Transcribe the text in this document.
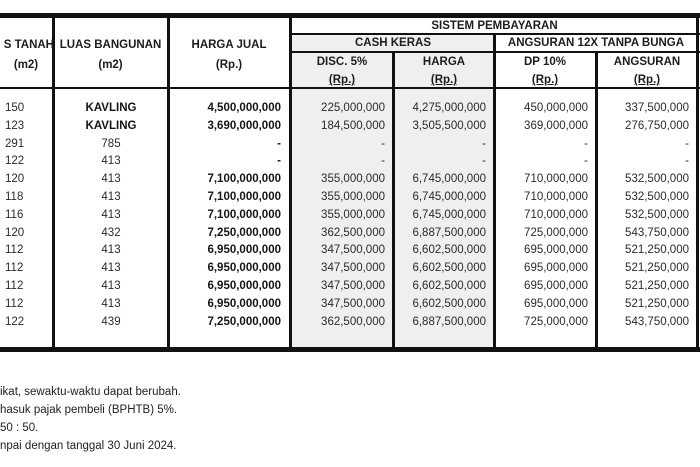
S TANAH
(m2)
LUAS BANGUNAN
(m2)
HARGA JUAL
(Rp.)
SISTEM PEMBAYARAN
CASH KERAS	ANGSURAN 12X TANPA BUNGA
DISC. 5%
(Rp.)
HARGA
(Rp.)
DP 10%
(Rp.)
ANGSURAN
(Rp.)
150	KAVLING	4,500,000,000	225,000,000	4,275,000,000	450,000,000	337,500,000
123	KAVLING	3,690,000,000	184,500,000	3,505,500,000	369,000,000	276,750,000
291	785	-	-	-	-	-
122	413	-	-	-	-	-
120	413	7,100,000,000	355,000,000	6,745,000,000	710,000,000	532,500,000
118	413	7,100,000,000	355,000,000	6,745,000,000	710,000,000	532,500,000
116	413	7,100,000,000	355,000,000	6,745,000,000	710,000,000	532,500,000
120	432	7,250,000,000	362,500,000	6,887,500,000	725,000,000	543,750,000
112	413	6,950,000,000	347,500,000	6,602,500,000	695,000,000	521,250,000
112	413	6,950,000,000	347,500,000	6,602,500,000	695,000,000	521,250,000
112	413	6,950,000,000	347,500,000	6,602,500,000	695,000,000	521,250,000
112	413	6,950,000,000	347,500,000	6,602,500,000	695,000,000	521,250,000
122	439	7,250,000,000	362,500,000	6,887,500,000	725,000,000	543,750,000
ikat, sewaktu-waktu dapat berubah.
hasuk pajak pembeli (BPHTB) 5%.
50 : 50.
npai dengan tanggal 30 Juni 2024.
